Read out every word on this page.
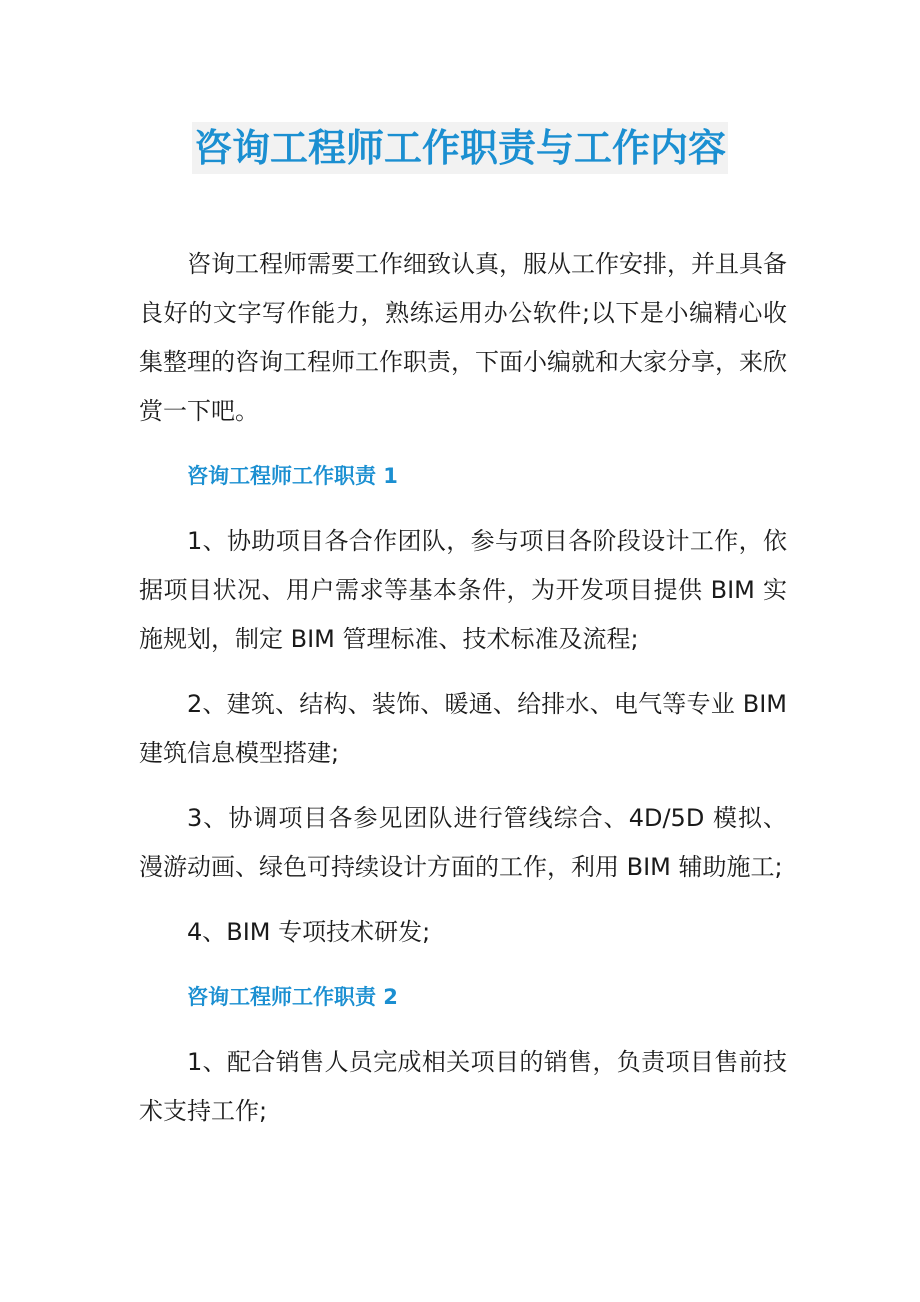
咨询工程师工作职责与工作内容

咨询工程师需要工作细致认真，服从工作安排，并且具备良好的文字写作能力，熟练运用办公软件;以下是小编精心收集整理的咨询工程师工作职责，下面小编就和大家分享，来欣赏一下吧。

咨询工程师工作职责 1

1、协助项目各合作团队，参与项目各阶段设计工作，依据项目状况、用户需求等基本条件，为开发项目提供 BIM 实施规划，制定 BIM 管理标准、技术标准及流程;

2、建筑、结构、装饰、暖通、给排水、电气等专业 BIM 建筑信息模型搭建;

3、协调项目各参见团队进行管线综合、4D/5D 模拟、漫游动画、绿色可持续设计方面的工作，利用 BIM 辅助施工;

4、BIM 专项技术研发;

咨询工程师工作职责 2

1、配合销售人员完成相关项目的销售，负责项目售前技术支持工作;
